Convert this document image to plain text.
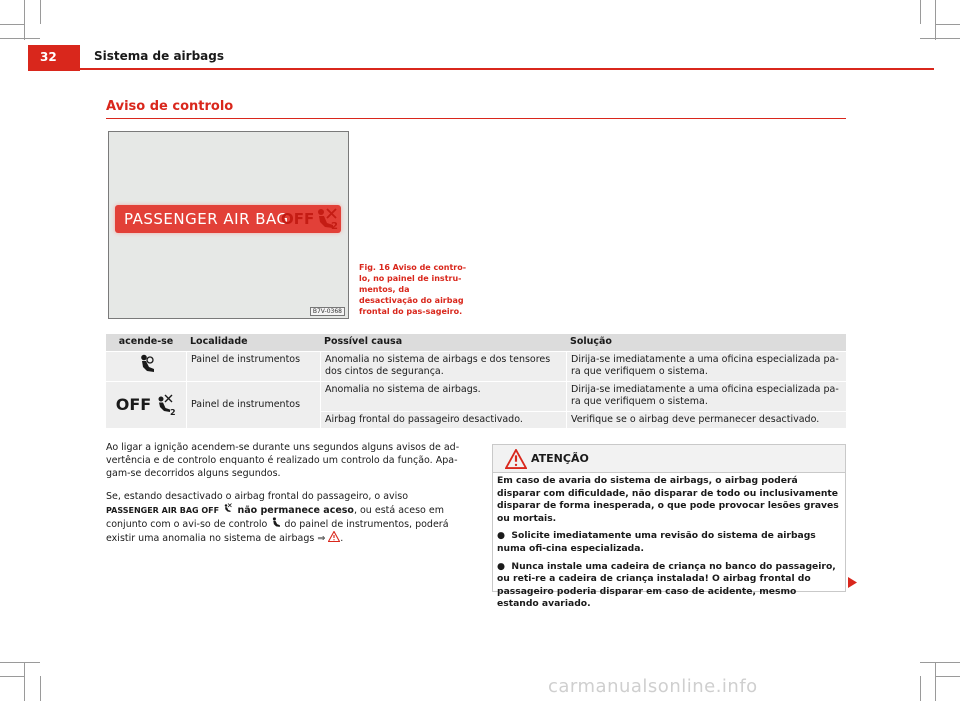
32	Sistema de airbags
Aviso de controlo
PASSENGER AIR BAG
OFF 2
B7V-0368
Fig. 16 Aviso de contro-lo, no painel de instru-mentos, da desactivação do airbag frontal do pas-sageiro.
acende-se	Localidade	Possível causa	Solução
	Painel de instrumentos	Anomalia no sistema de airbags e dos tensores dos cintos de segurança.	Dirija-se imediatamente a uma oficina especializada pa-ra que verifiquem o sistema.
OFF 2	Painel de instrumentos	Anomalia no sistema de airbags.	Dirija-se imediatamente a uma oficina especializada pa-ra que verifiquem o sistema.
		Airbag frontal do passageiro desactivado.	Verifique se o airbag deve permanecer desactivado.
Ao ligar a ignição acendem-se durante uns segundos alguns avisos de ad-vertência e de controlo enquanto é realizado um controlo da função. Apa-gam-se decorridos alguns segundos.
Se, estando desactivado o airbag frontal do passageiro, o aviso PASSENGER AIR BAG OFF  não permanece aceso, ou está aceso em conjunto com o avi-so de controlo  do painel de instrumentos, poderá existir uma anomalia no sistema de airbags ⇒ .
ATENÇÃO

Em caso de avaria do sistema de airbags, o airbag poderá disparar com dificuldade, não disparar de todo ou inclusivamente disparar de forma inesperada, o que pode provocar lesões graves ou mortais.

●  Solicite imediatamente uma revisão do sistema de airbags numa ofi-cina especializada.

●  Nunca instale uma cadeira de criança no banco do passageiro, ou reti-re a cadeira de criança instalada! O airbag frontal do passageiro poderia disparar em caso de acidente, mesmo estando avariado.

carmanualsonline.info
